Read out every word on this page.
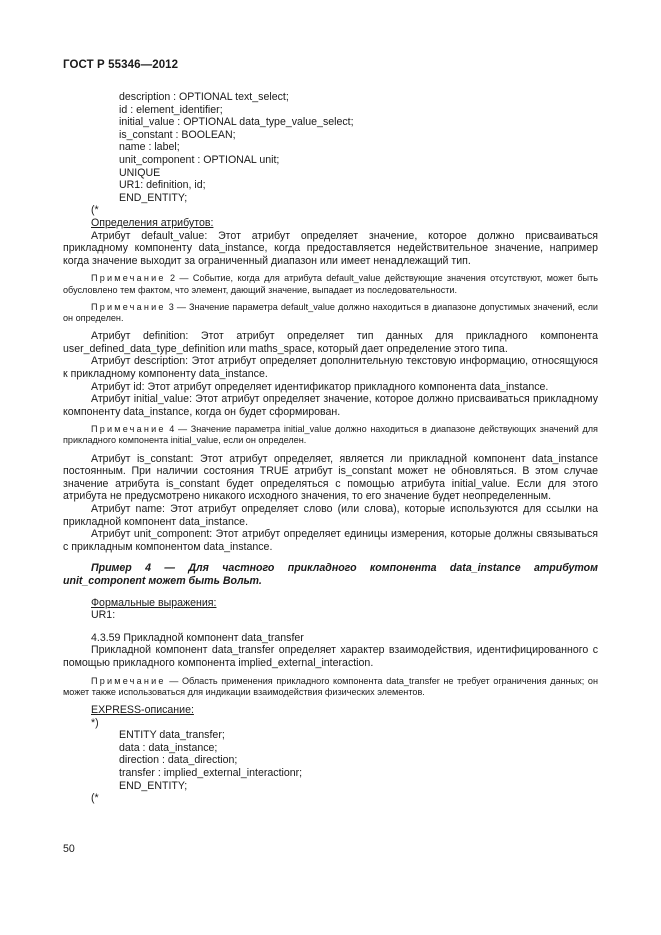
ГОСТ Р 55346—2012
description : OPTIONAL text_select;
id : element_identifier;
initial_value : OPTIONAL data_type_value_select;
is_constant : BOOLEAN;
name : label;
unit_component : OPTIONAL unit;
UNIQUE
UR1: definition, id;
END_ENTITY;
(*
Определения атрибутов:

Атрибут default_value: Этот атрибут определяет значение, которое должно присваиваться прикладному компоненту data_instance, когда предоставляется недействительное значение, например когда значение выходит за ограниченный диапазон или имеет ненадлежащий тип.

Примечание 2 — Событие, когда для атрибута default_value действующие значения отсутствуют, может быть обусловлено тем фактом, что элемент, дающий значение, выпадает из последовательности.
Примечание 3 — Значение параметра default_value должно находиться в диапазоне допустимых значений, если он определен.

Атрибут definition: Этот атрибут определяет тип данных для прикладного компонента user_defined_data_type_definition или maths_space, который дает определение этого типа.

Атрибут description: Этот атрибут определяет дополнительную текстовую информацию, относящуюся к прикладному компоненту data_instance.

Атрибут id: Этот атрибут определяет идентификатор прикладного компонента data_instance.

Атрибут initial_value: Этот атрибут определяет значение, которое должно присваиваться прикладному компоненту data_instance, когда он будет сформирован.

Примечание 4 — Значение параметра initial_value должно находиться в диапазоне действующих значений для прикладного компонента initial_value, если он определен.

Атрибут is_constant: Этот атрибут определяет, является ли прикладной компонент data_instance постоянным. При наличии состояния TRUE атрибут is_constant может не обновляться. В этом случае значение атрибута is_constant будет определяться с помощью атрибута initial_value. Если для этого атрибута не предусмотрено никакого исходного значения, то его значение будет неопределенным.

Атрибут name: Этот атрибут определяет слово (или слова), которые используются для ссылки на прикладной компонент data_instance.

Атрибут unit_component: Этот атрибут определяет единицы измерения, которые должны связываться с прикладным компонентом data_instance.

Пример 4 — Для частного прикладного компонента data_instance атрибутом unit_component может быть Вольт.

Формальные выражения:
UR1:
4.3.59 Прикладной компонент data_transfer

Прикладной компонент data_transfer определяет характер взаимодействия, идентифицированного с помощью прикладного компонента implied_external_interaction.

Примечание — Область применения прикладного компонента data_transfer не требует ограничения данных; он может также использоваться для индикации взаимодействия физических элементов.
EXPRESS-описание:
*)
ENTITY data_transfer;
data : data_instance;
direction : data_direction;
transfer : implied_external_interactionr;
END_ENTITY;
(*
50
